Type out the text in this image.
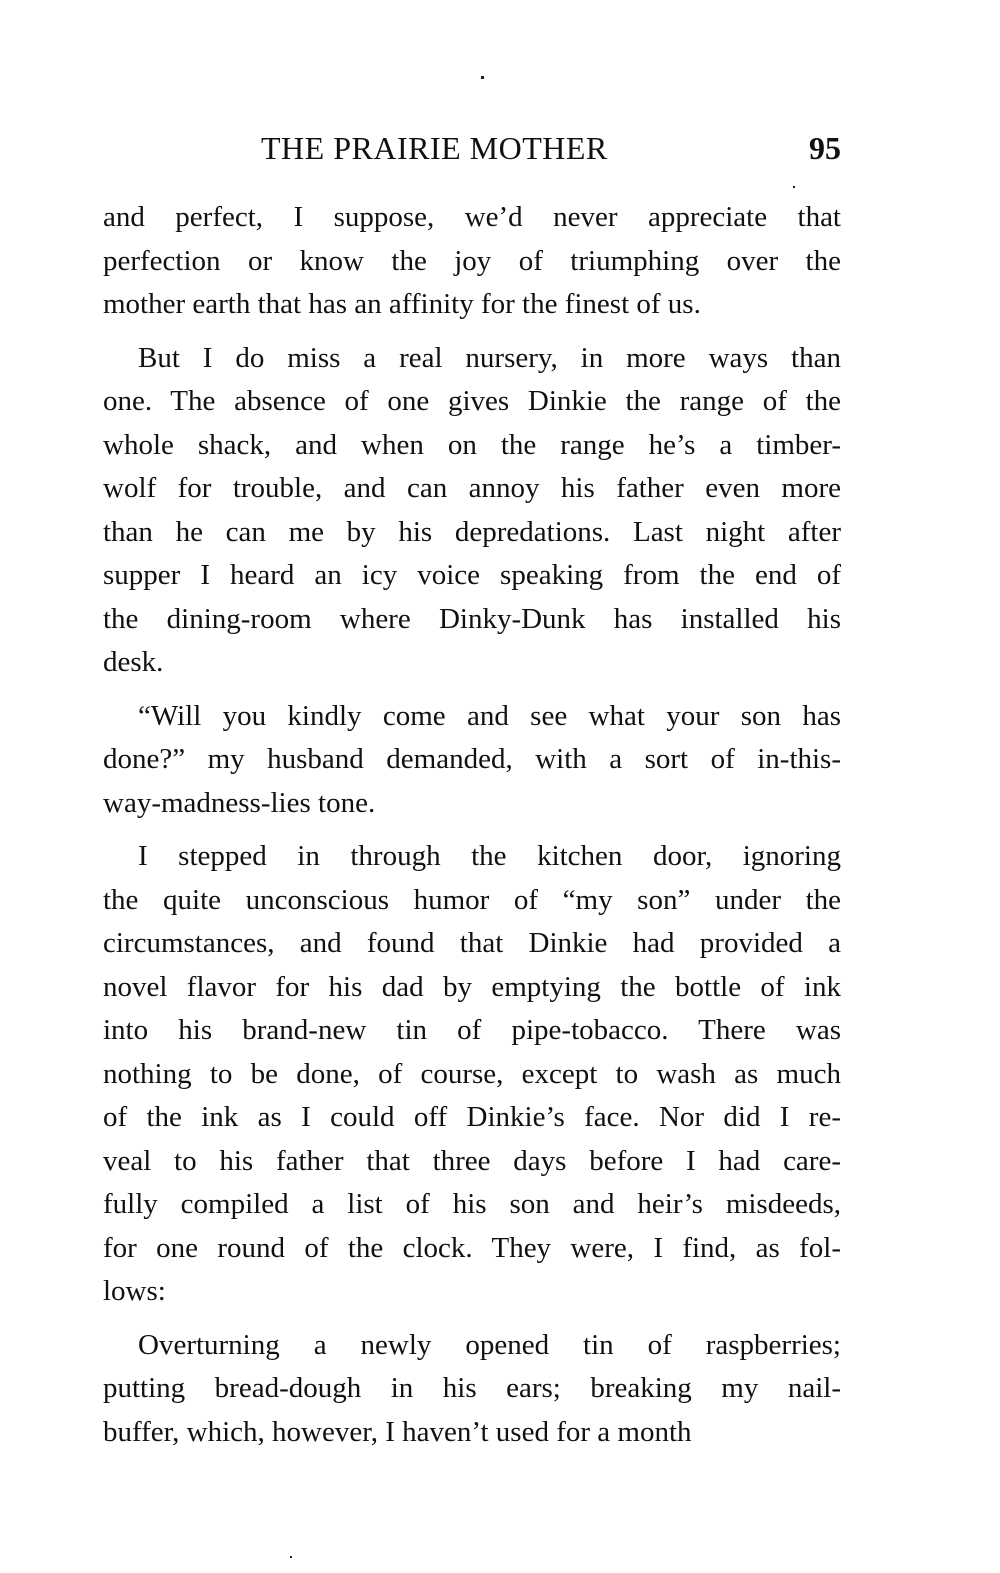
THE PRAIRIE MOTHER	95
and perfect, I suppose, we’d never appreciate that
perfection or know the joy of triumphing over the
mother earth that has an affinity for the finest of us.
But I do miss a real nursery, in more ways than
one. The absence of one gives Dinkie the range of the
whole shack, and when on the range he’s a timber-
wolf for trouble, and can annoy his father even more
than he can me by his depredations. Last night after
supper I heard an icy voice speaking from the end of
the dining-room where Dinky-Dunk has installed his
desk.
“Will you kindly come and see what your son has
done?” my husband demanded, with a sort of in-this-
way-madness-lies tone.
I stepped in through the kitchen door, ignoring
the quite unconscious humor of “my son” under the
circumstances, and found that Dinkie had provided a
novel flavor for his dad by emptying the bottle of ink
into his brand-new tin of pipe-tobacco. There was
nothing to be done, of course, except to wash as much
of the ink as I could off Dinkie’s face. Nor did I re-
veal to his father that three days before I had care-
fully compiled a list of his son and heir’s misdeeds,
for one round of the clock. They were, I find, as fol-
lows:
Overturning a newly opened tin of raspberries;
putting bread-dough in his ears; breaking my nail-
buffer, which, however, I haven’t used for a month
